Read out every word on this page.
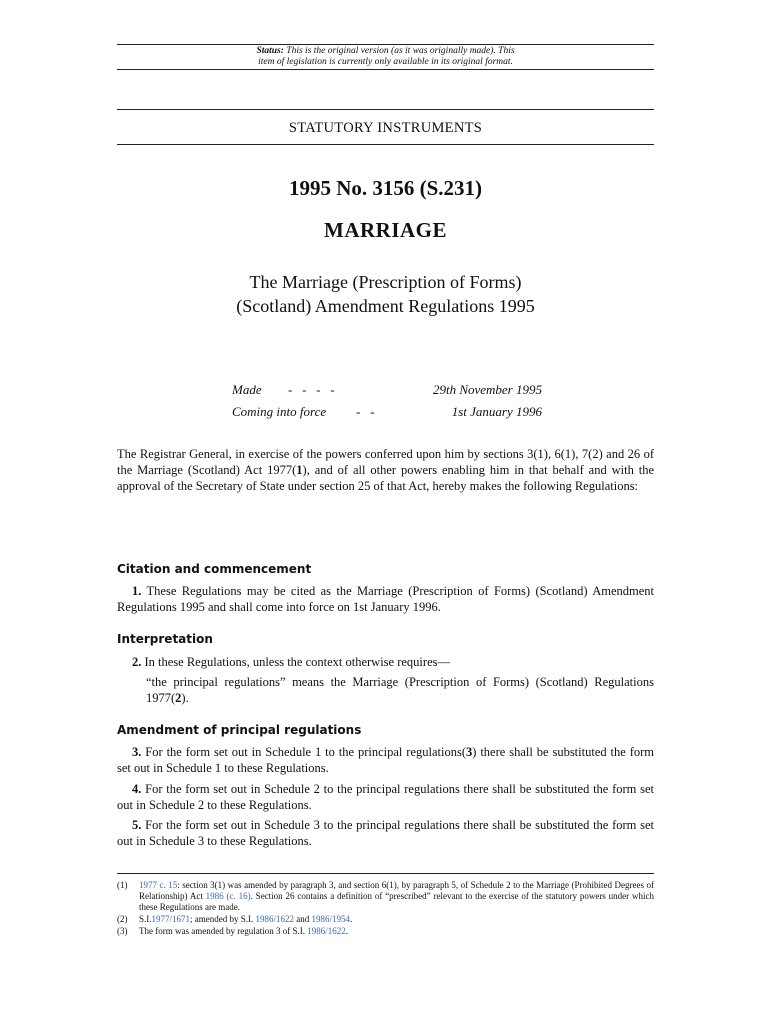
Status: This is the original version (as it was originally made). This
item of legislation is currently only available in its original format.
STATUTORY INSTRUMENTS
1995 No. 3156 (S.231)
MARRIAGE
The Marriage (Prescription of Forms)
(Scotland) Amendment Regulations 1995
Made -   -   -   -	29th November 1995
Coming into force -   -	1st January 1996
The Registrar General, in exercise of the powers conferred upon him by sections 3(1), 6(1), 7(2) and 26 of the Marriage (Scotland) Act 1977(1), and of all other powers enabling him in that behalf and with the approval of the Secretary of State under section 25 of that Act, hereby makes the following Regulations:
Citation and commencement
1. These Regulations may be cited as the Marriage (Prescription of Forms) (Scotland) Amendment Regulations 1995 and shall come into force on 1st January 1996.
Interpretation
2. In these Regulations, unless the context otherwise requires—
“the principal regulations” means the Marriage (Prescription of Forms) (Scotland) Regulations 1977(2).
Amendment of principal regulations
3. For the form set out in Schedule 1 to the principal regulations(3) there shall be substituted the form set out in Schedule 1 to these Regulations.
4. For the form set out in Schedule 2 to the principal regulations there shall be substituted the form set out in Schedule 2 to these Regulations.
5. For the form set out in Schedule 3 to the principal regulations there shall be substituted the form set out in Schedule 3 to these Regulations.
(1)	1977 c. 15: section 3(1) was amended by paragraph 3, and section 6(1), by paragraph 5, of Schedule 2 to the Marriage (Prohibited Degrees of Relationship) Act 1986 (c. 16). Section 26 contains a definition of “prescribed” relevant to the exercise of the statutory powers under which these Regulations are made.
(2)	S.I.1977/1671; amended by S.I. 1986/1622 and 1986/1954.
(3)	The form was amended by regulation 3 of S.I. 1986/1622.
